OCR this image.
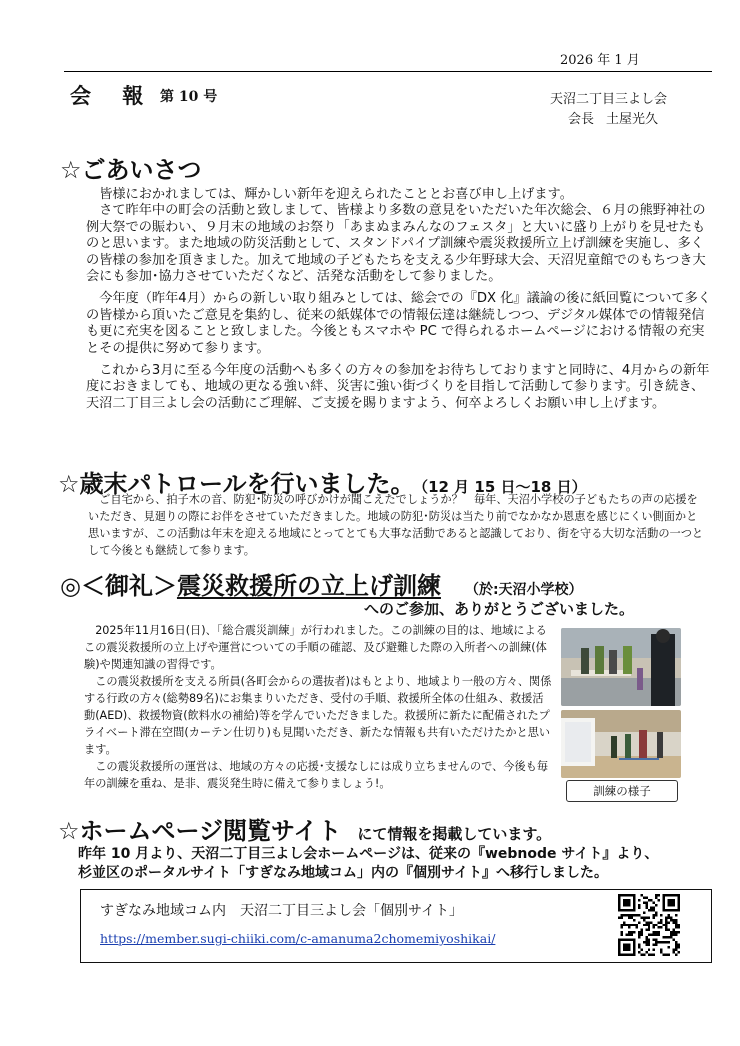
2026 年 1 月
会 報 第 10 号	天沼二丁目三よし会
会長 土屋光久
☆ごあいさつ

皆様におかれましては、輝かしい新年を迎えられたこととお喜び申し上げます。

さて昨年中の町会の活動と致しまして、皆様より多数の意見をいただいた年次総会、６月の熊野神社の例大祭での賑わい、９月末の地域のお祭り「あまぬまみんなのフェスタ」と大いに盛り上がりを見せたものと思います。また地域の防災活動として、スタンドパイプ訓練や震災救援所立上げ訓練を実施し、多くの皆様の参加を頂きました。加えて地域の子どもたちを支える少年野球大会、天沼児童館でのもちつき大会にも参加･協力させていただくなど、活発な活動をして参りました。

今年度（昨年4月）からの新しい取り組みとしては、総会での『DX 化』議論の後に紙回覧について多くの皆様から頂いたご意見を集約し、従来の紙媒体での情報伝達は継続しつつ、デジタル媒体での情報発信も更に充実を図ることと致しました。今後ともスマホや PC で得られるホームページにおける情報の充実とその提供に努めて参ります。

これから3月に至る今年度の活動へも多くの方々の参加をお待ちしておりますと同時に、4月からの新年度におきましても、地域の更なる強い絆、災害に強い街づくりを目指して活動して参ります。引き続き、天沼二丁目三よし会の活動にご理解、ご支援を賜りますよう、何卒よろしくお願い申し上げます。

☆歳末パトロールを行いました。 （12 月 15 日～18 日）
ご自宅から、拍子木の音、防犯･防災の呼びかけが聞こえたでしょうか？　毎年、天沼小学校の子どもたちの声の応援をいただき、見廻りの際にお伴をさせていただきました。地域の防犯･防災は当たり前でなかなか恩恵を感じにくい側面かと思いますが、この活動は年末を迎える地域にとってとても大事な活動であると認識しており、街を守る大切な活動の一つとして今後とも継続して参ります。
◎＜御礼＞震災救援所の立上げ訓練 （於:天沼小学校）
へのご参加、ありがとうございました。

2025年11月16日(日)、「総合震災訓練」が行われました。この訓練の目的は、地域によるこの震災救援所の立上げや運営についての手順の確認、及び避難した際の入所者への訓練(体験)や関連知識の習得です。

この震災救援所を支える所員(各町会からの選抜者)はもとより、地域より一般の方々、関係する行政の方々(総勢89名)にお集まりいただき、受付の手順、救援所全体の仕組み、救援活動(AED)、救援物資(飲料水の補給)等を学んでいただきました。救援所に新たに配備されたプライベート滞在空間(カーテン仕切り)も見聞いただき、新たな情報も共有いただけたかと思います。

この震災救援所の運営は、地域の方々の応援･支援なしには成り立ちませんので、今後も毎年の訓練を重ね、是非、震災発生時に備えて参りましょう!。

訓練の様子
☆ホームページ閲覧サイト にて情報を掲載しています。

昨年 10 月より、天沼二丁目三よし会ホームページは、従来の『webnode サイト』より、

杉並区のポータルサイト「すぎなみ地域コム」内の『個別サイト』へ移行しました。

すぎなみ地域コム内　天沼二丁目三よし会「個別サイト」
https://member.sugi-chiiki.com/c-amanuma2chomemiyoshikai/
